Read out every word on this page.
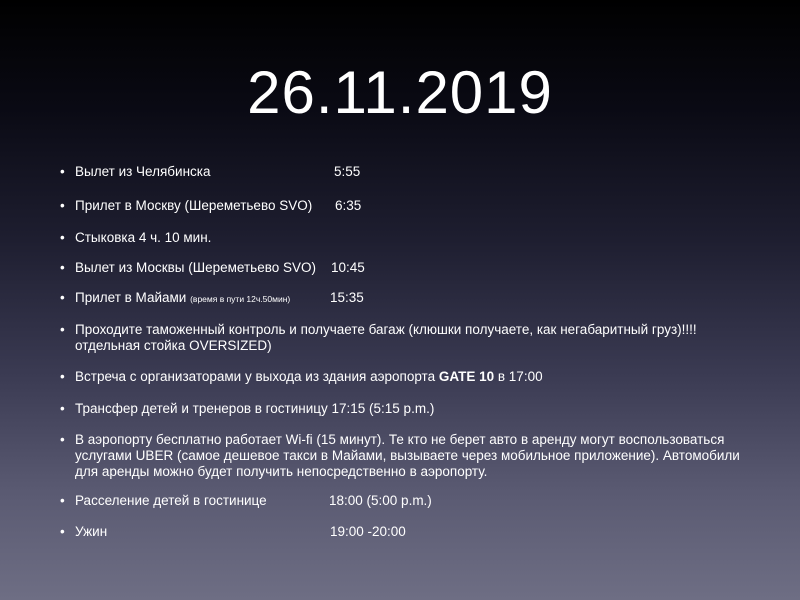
26.11.2019
• Вылет из Челябинска	5:55
• Прилет в Москву (Шереметьево SVO) 6:35
• Стыковка 4 ч. 10 мин.
• Вылет из Москвы (Шереметьево SVO) 10:45
• Прилет в Майами (время в пути 12ч.50мин)	15:35
• Проходите таможенный контроль и получаете багаж (клюшки получаете, как негабаритный груз)!!!! отдельная стойка OVERSIZED)
• Встреча с организаторами у выхода из здания аэропорта GATE 10 в 17:00
• Трансфер детей и тренеров в гостиницу 17:15 (5:15 p.m.)
• В аэропорту бесплатно работает Wi-fi (15 минут). Те кто не берет авто в аренду могут воспользоваться услугами UBER (самое дешевое такси в Майами, вызываете через мобильное приложение). Автомобили для аренды можно будет получить непосредственно в аэропорту.
• Расселение детей в гостинице	18:00 (5:00 p.m.)
• Ужин	19:00 -20:00
